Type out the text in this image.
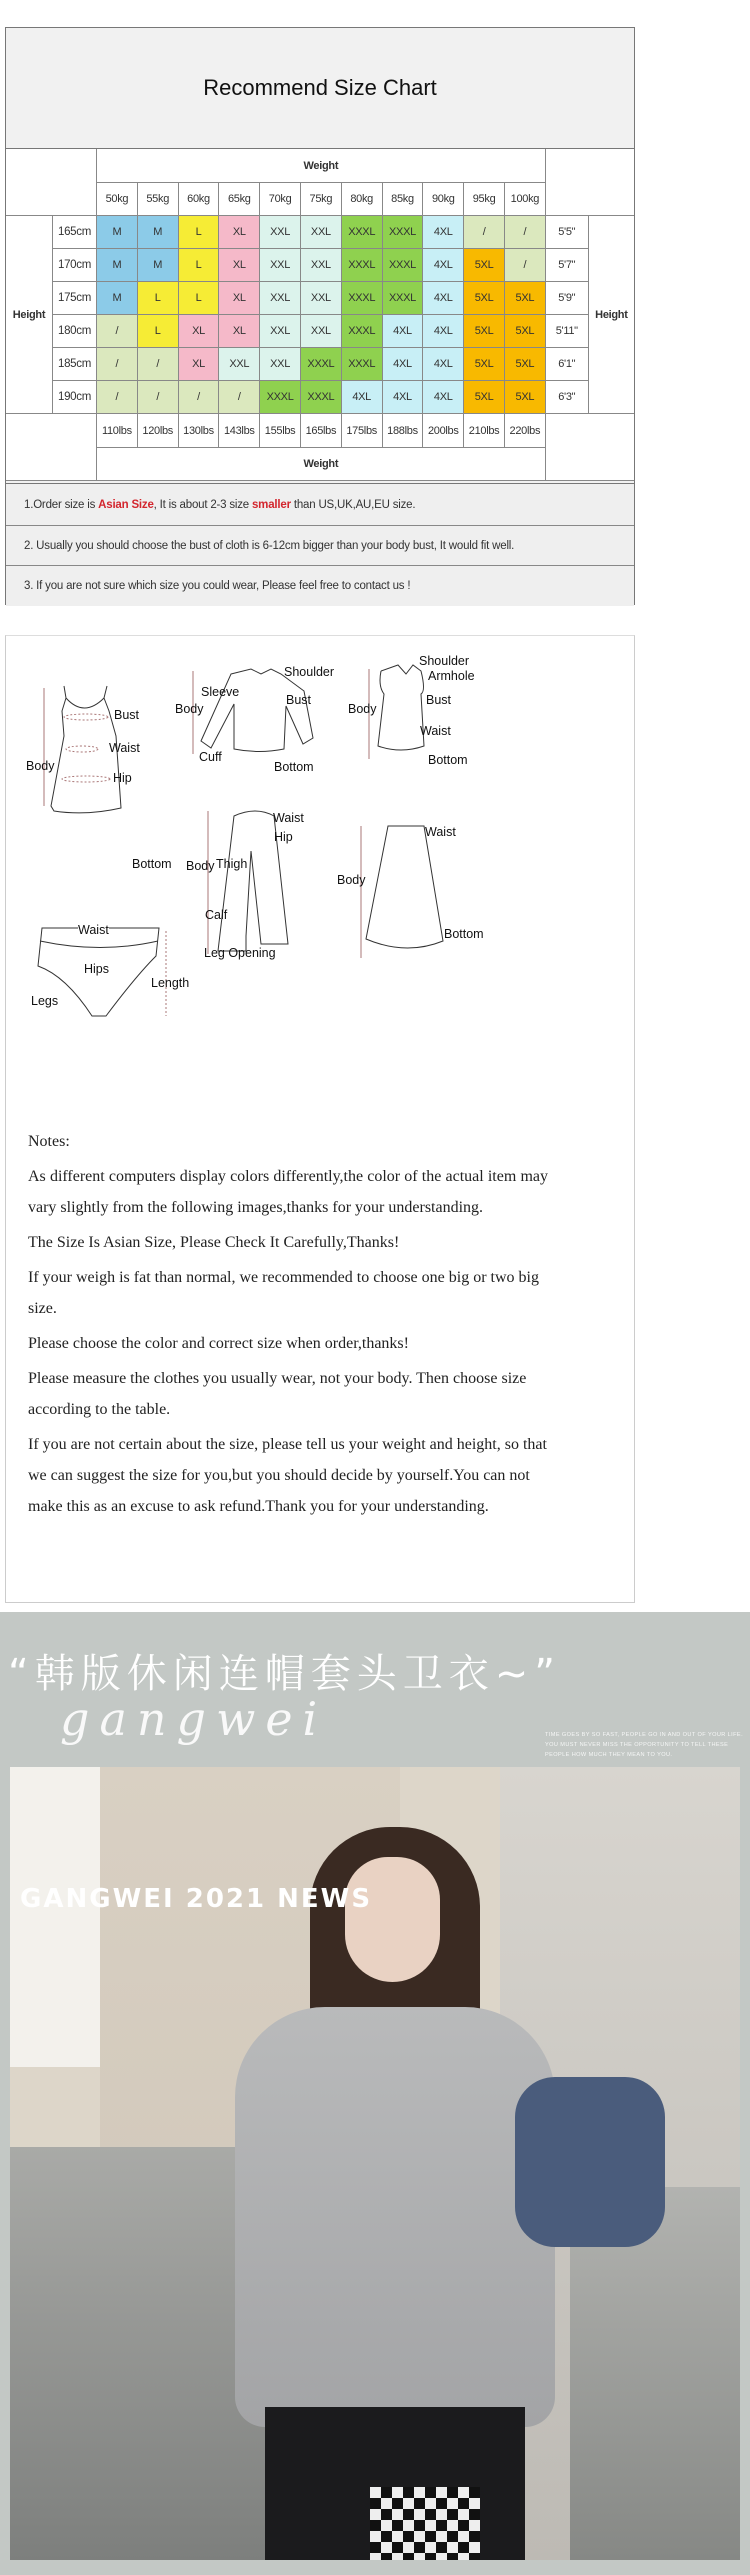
Recommend Size Chart
Weight
50kg	55kg	60kg	65kg	70kg	75kg	80kg	85kg	90kg	95kg	100kg
Height	Height
165cm	M	M	L	XL	XXL	XXL	XXXL	XXXL	4XL	/	/	5'5"
170cm	M	M	L	XL	XXL	XXL	XXXL	XXXL	4XL	5XL	/	5'7"
175cm	M	L	L	XL	XXL	XXL	XXXL	XXXL	4XL	5XL	5XL	5'9"
180cm	/	L	XL	XL	XXL	XXL	XXXL	4XL	4XL	5XL	5XL	5'11"
185cm	/	/	XL	XXL	XXL	XXXL	XXXL	4XL	4XL	5XL	5XL	6'1"
190cm	/	/	/	/	XXXL	XXXL	4XL	4XL	4XL	5XL	5XL	6'3"
110lbs 120lbs 130lbs 143lbs 155lbs 165lbs 175lbs 188lbs 200lbs 210lbs 220lbs
Weight
1.Order size is Asian Size , It is about 2-3 size smaller than US,UK,AU,EU size.
2. Usually you should choose the bust of cloth is 6-12cm bigger than your body bust, It would fit well.
3. If you are not sure which size you could wear, Please feel free to contact us !
Bust
Waist
Body
Hip
Bottom
Shoulder
Sleeve
Body
Bust
Cuff
Bottom
Shoulder
Armhole
Bust
Body
Waist
Bottom
Waist
Hip
Body Thigh
Calf
Leg Opening
Waist
Body
Bottom
Waist
Hips
Length
Legs

Notes:

As different computers display colors differently,the color of the actual item may vary slightly from the following images,thanks for your understanding.

The Size Is Asian Size, Please Check It Carefully,Thanks!

If your weigh is fat than normal, we recommended to choose one big or two big size.

Please choose the color and correct size when order,thanks!

Please measure the clothes you usually wear, not your body. Then choose size according to the table.

If you are not certain about the size, please tell us your weight and height, so that we can suggest the size for you,but you should decide by yourself.You can not make this as an excuse to ask refund.Thank you for your understanding.

“韩版休闲连帽套头卫衣~”
gangwei	TIME GOES BY SO FAST, PEOPLE GO IN AND OUT OF YOUR LIFE. YOU MUST NEVER MISS THE OPPORTUNITY TO TELL THESE PEOPLE HOW MUCH THEY MEAN TO YOU.
GANGWEI 2021 NEWS
